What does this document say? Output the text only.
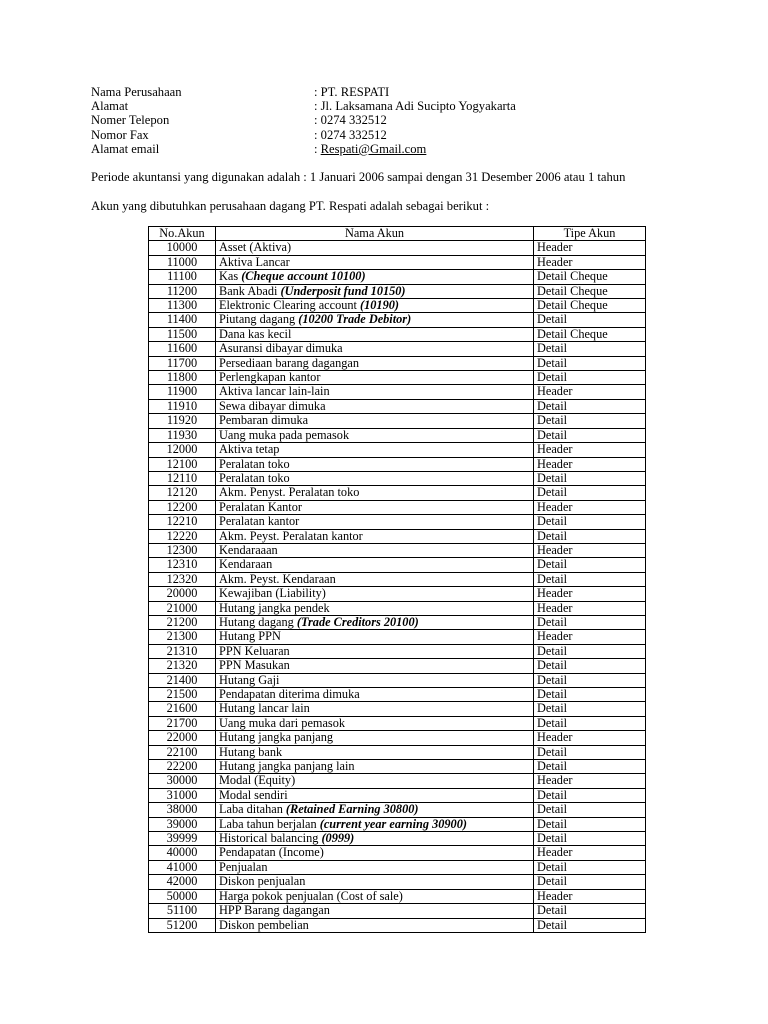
Nama Perusahaan	: PT. RESPATI
Alamat	: Jl. Laksamana Adi Sucipto Yogyakarta
Nomer Telepon	: 0274 332512
Nomor Fax	: 0274 332512
Alamat email	: Respati@Gmail.com
Periode akuntansi yang digunakan adalah : 1 Januari 2006 sampai dengan 31 Desember 2006 atau 1 tahun
Akun yang dibutuhkan perusahaan dagang PT. Respati adalah sebagai berikut :
No.Akun	Nama Akun	Tipe Akun
10000	Asset (Aktiva)	Header
11000	Aktiva Lancar	Header
11100	Kas (Cheque account 10100)	Detail Cheque
11200	Bank Abadi (Underposit fund 10150)	Detail Cheque
11300	Elektronic Clearing account (10190)	Detail Cheque
11400	Piutang dagang (10200 Trade Debitor)	Detail
11500	Dana kas kecil	Detail Cheque
11600	Asuransi dibayar dimuka	Detail
11700	Persediaan barang dagangan	Detail
11800	Perlengkapan kantor	Detail
11900	Aktiva lancar lain-lain	Header
11910	Sewa dibayar dimuka	Detail
11920	Pembaran dimuka	Detail
11930	Uang muka pada pemasok	Detail
12000	Aktiva tetap	Header
12100	Peralatan toko	Header
12110	Peralatan toko	Detail
12120	Akm. Penyst. Peralatan toko	Detail
12200	Peralatan Kantor	Header
12210	Peralatan kantor	Detail
12220	Akm. Peyst. Peralatan kantor	Detail
12300	Kendaraaan	Header
12310	Kendaraan	Detail
12320	Akm. Peyst. Kendaraan	Detail
20000	Kewajiban (Liability)	Header
21000	Hutang jangka pendek	Header
21200	Hutang dagang (Trade Creditors 20100)	Detail
21300	Hutang PPN	Header
21310	PPN Keluaran	Detail
21320	PPN Masukan	Detail
21400	Hutang Gaji	Detail
21500	Pendapatan diterima dimuka	Detail
21600	Hutang lancar lain	Detail
21700	Uang muka dari pemasok	Detail
22000	Hutang jangka panjang	Header
22100	Hutang bank	Detail
22200	Hutang jangka panjang lain	Detail
30000	Modal (Equity)	Header
31000	Modal sendiri	Detail
38000	Laba ditahan (Retained Earning 30800)	Detail
39000	Laba tahun berjalan (current year earning 30900)	Detail
39999	Historical balancing (0999)	Detail
40000	Pendapatan (Income)	Header
41000	Penjualan	Detail
42000	Diskon penjualan	Detail
50000	Harga pokok penjualan (Cost of sale)	Header
51100	HPP Barang dagangan	Detail
51200	Diskon pembelian	Detail
